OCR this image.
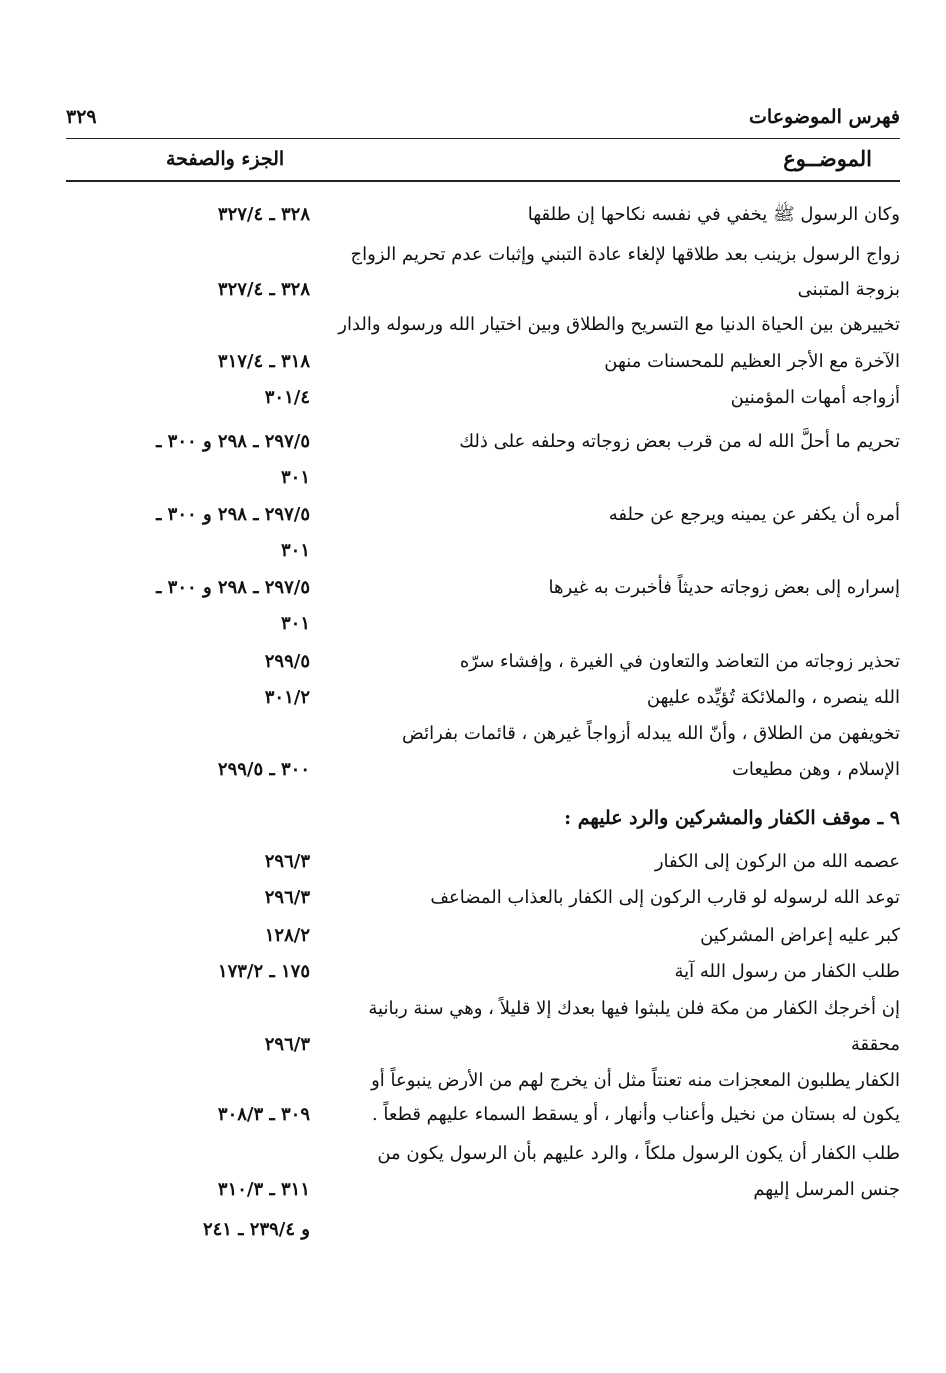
فهرس الموضوعات
٣٢٩
الموضــوع
الجزء والصفحة
وكان الرسول ﷺ يخفي في نفسه نكاحها إن طلقها
زواج الرسول بزينب بعد طلاقها لإلغاء عادة التبني وإثبات عدم تحريم الزواج
بزوجة المتبنى
تخييرهن بين الحياة الدنيا مع التسريح والطلاق وبين اختيار الله ورسوله والدار
الآخرة مع الأجر العظيم للمحسنات منهن
أزواجه أمهات المؤمنين
تحريم ما أحلَّ الله له من قرب بعض زوجاته وحلفه على ذلك
أمره أن يكفر عن يمينه ويرجع عن حلفه
إسراره إلى بعض زوجاته حديثاً فأخبرت به غيرها
تحذير زوجاته من التعاضد والتعاون في الغيرة ، وإفشاء سرّه
الله ينصره ، والملائكة تُؤيِّده عليهن
تخويفهن من الطلاق ، وأنّ الله يبدله أزواجاً غيرهن ، قائمات بفرائض
الإسلام ، وهن مطيعات
٩ ـ موقف الكفار والمشركين والرد عليهم :
عصمه الله من الركون إلى الكفار
توعد الله لرسوله لو قارب الركون إلى الكفار بالعذاب المضاعف
كبر عليه إعراض المشركين
طلب الكفار من رسول الله آية
إن أخرجك الكفار من مكة فلن يلبثوا فيها بعدك إلا قليلاً ، وهي سنة ربانية
محققة
الكفار يطلبون المعجزات منه تعنتاً مثل أن يخرج لهم من الأرض ينبوعاً أو
يكون له بستان من نخيل وأعناب وأنهار ، أو يسقط السماء عليهم قطعاً .
طلب الكفار أن يكون الرسول ملكاً ، والرد عليهم بأن الرسول يكون من
جنس المرسل إليهم
٣٢٨ ـ ٣٢٧/٤
٣٢٨ ـ ٣٢٧/٤
٣١٨ ـ ٣١٧/٤
٣٠١/٤
٢٩٧/٥ ـ ٢٩٨ و ٣٠٠ ـ
٣٠١
٢٩٧/٥ ـ ٢٩٨ و ٣٠٠ ـ
٣٠١
٢٩٧/٥ ـ ٢٩٨ و ٣٠٠ ـ
٣٠١
٢٩٩/٥
٣٠١/٢
٣٠٠ ـ ٢٩٩/٥
٢٩٦/٣
٢٩٦/٣
١٢٨/٢
١٧٥ ـ ١٧٣/٢
٢٩٦/٣
٣٠٩ ـ ٣٠٨/٣
٣١١ ـ ٣١٠/٣
و ٢٣٩/٤ ـ ٢٤١
